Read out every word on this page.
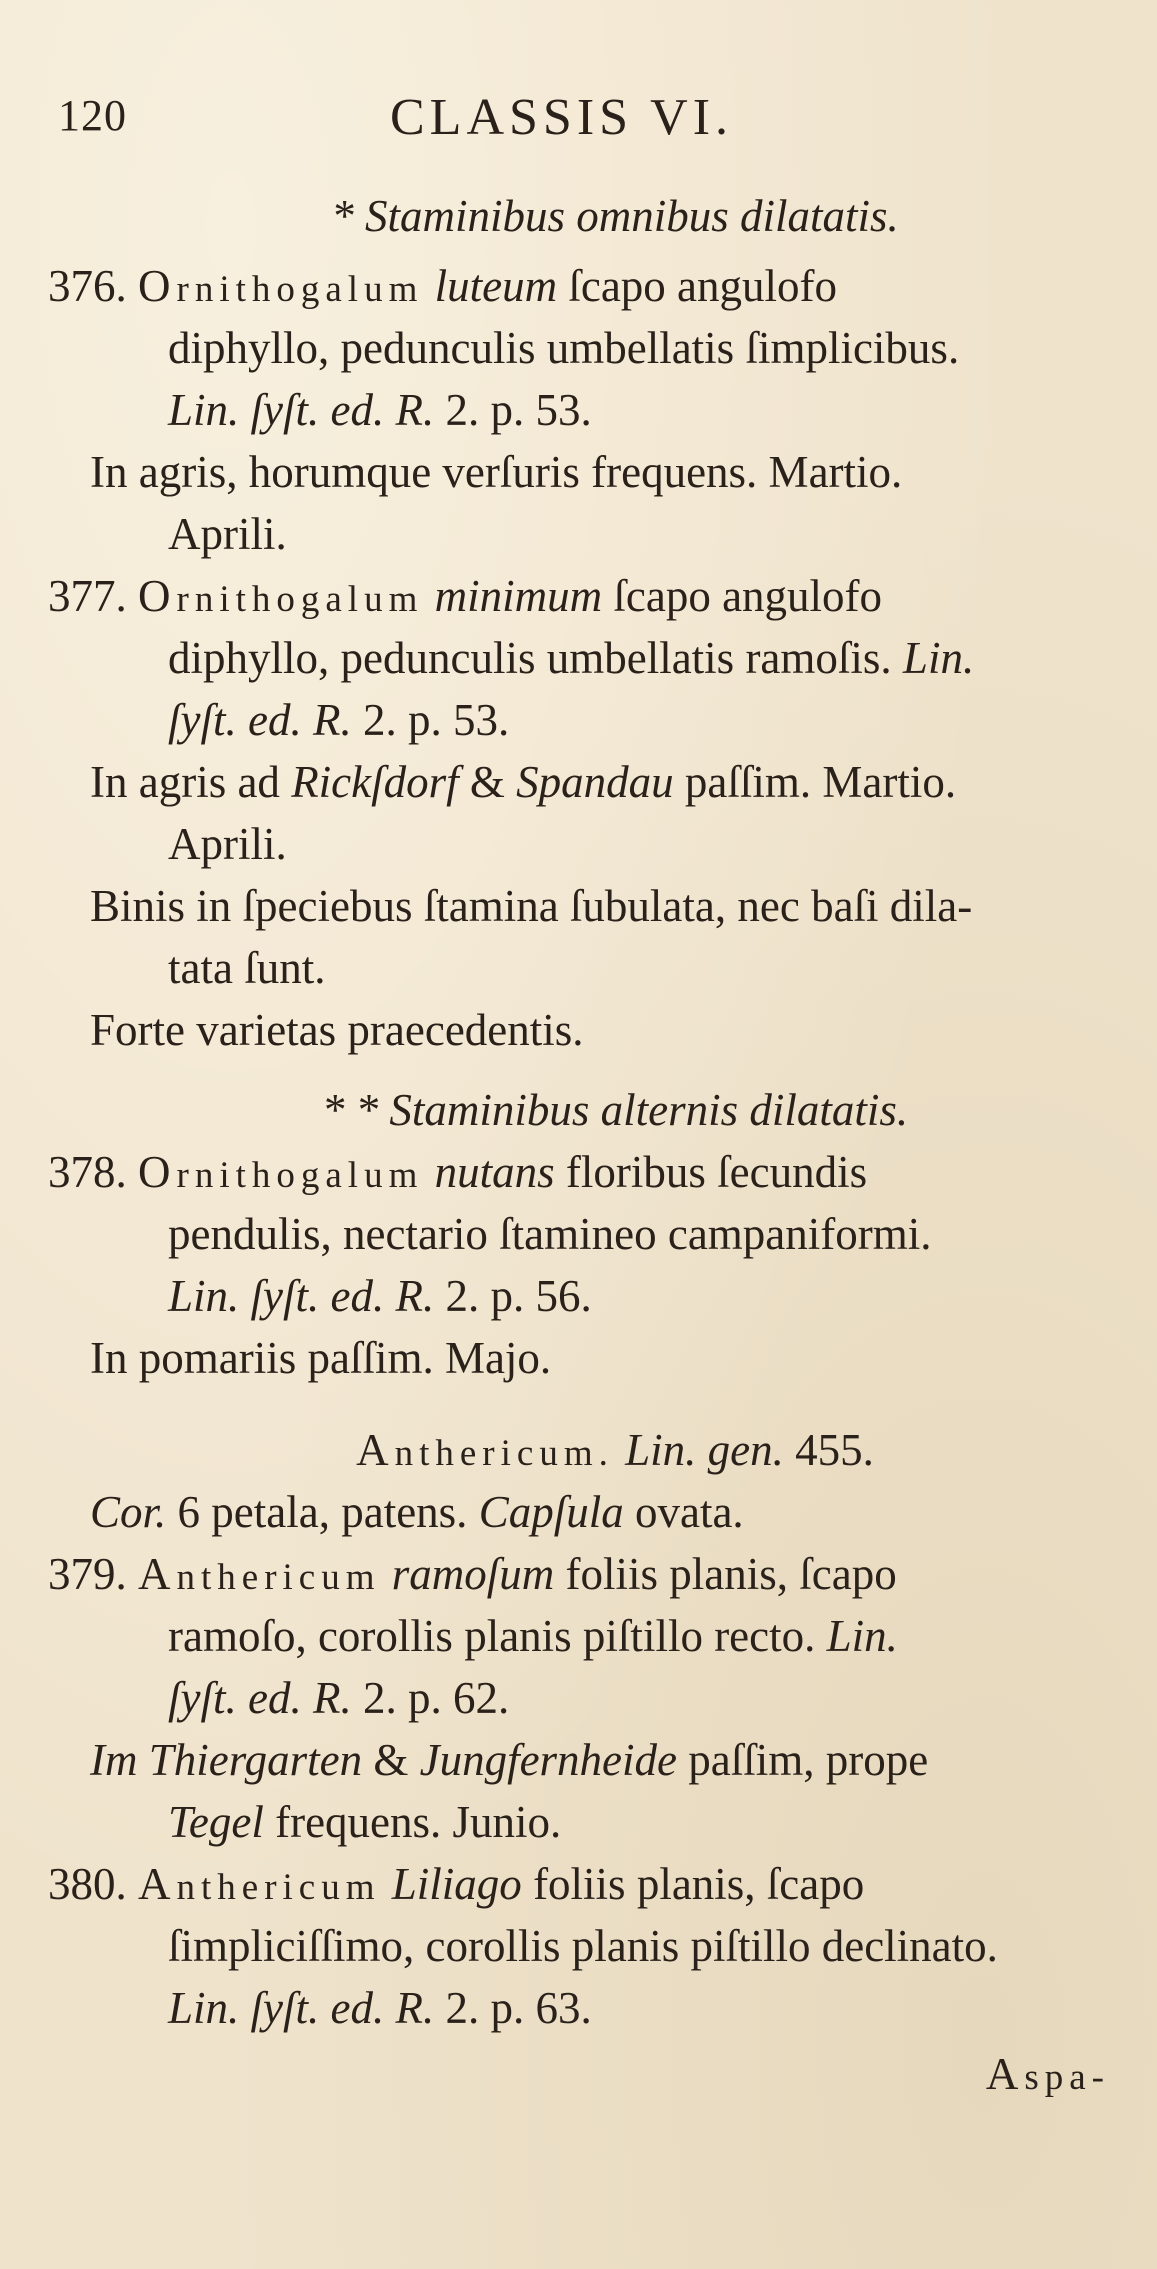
120	CLASSIS VI.
* Staminibus omnibus dilatatis.
376. Ornithogalum luteum ſcapo angulofo
diphyllo, pedunculis umbellatis ſimplicibus.
Lin. ſyſt. ed. R. 2. p. 53.
In agris, horumque verſuris frequens. Martio.
Aprili.
377. Ornithogalum minimum ſcapo angulofo
diphyllo, pedunculis umbellatis ramoſis. Lin.
ſyſt. ed. R. 2. p. 53.
In agris ad Rickſdorf & Spandau paſſim. Martio.
Aprili.
Binis in ſpeciebus ſtamina ſubulata, nec baſi dila-
tata ſunt.
Forte varietas praecedentis.
* * Staminibus alternis dilatatis.
378. Ornithogalum nutans floribus ſecundis
pendulis, nectario ſtamineo campaniformi.
Lin. ſyſt. ed. R. 2. p. 56.
In pomariis paſſim. Majo.
Anthericum. Lin. gen. 455.
Cor. 6 petala, patens. Capſula ovata.
379. Anthericum ramoſum foliis planis, ſcapo
ramoſo, corollis planis piſtillo recto. Lin.
ſyſt. ed. R. 2. p. 62.
Im Thiergarten & Jungfernheide paſſim, prope
Tegel frequens. Junio.
380. Anthericum Liliago foliis planis, ſcapo
ſimpliciſſimo, corollis planis piſtillo declinato.
Lin. ſyſt. ed. R. 2. p. 63.
Aspa-
